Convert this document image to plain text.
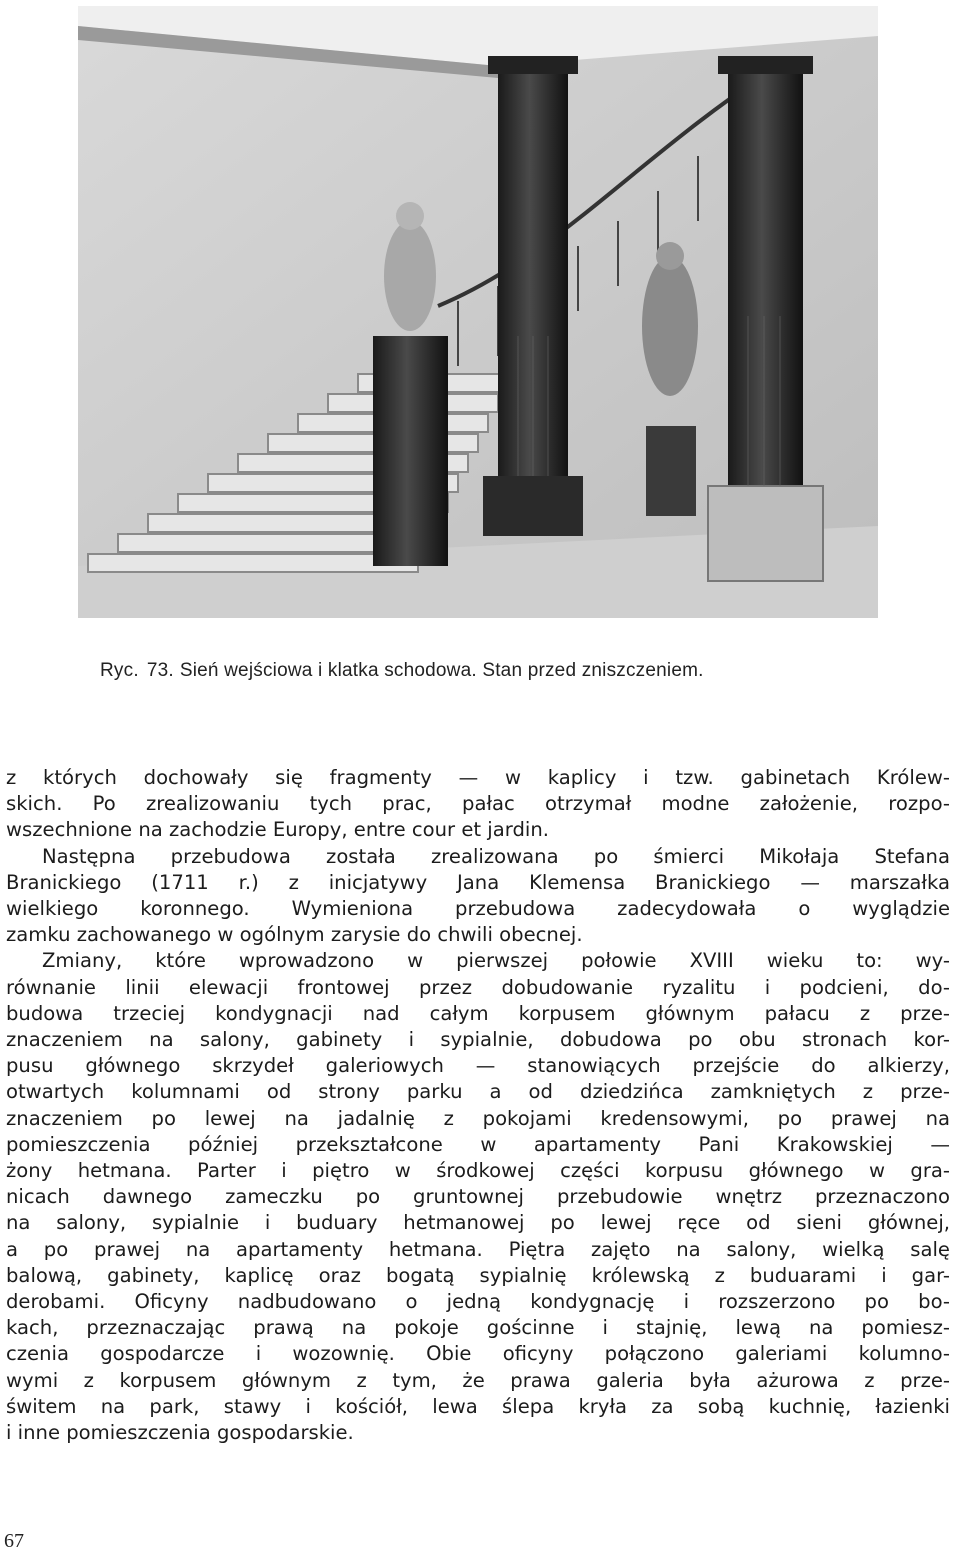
Ryc. 73. Sień wejściowa i klatka schodowa. Stan przed zniszczeniem.
z których dochowały się fragmenty — w kaplicy i tzw. gabinetach Królew-
skich. Po zrealizowaniu tych prac, pałac otrzymał modne założenie, rozpo-
wszechnione na zachodzie Europy, entre cour et jardin.
Następna przebudowa została zrealizowana po śmierci Mikołaja Stefana
Branickiego (1711 r.) z inicjatywy Jana Klemensa Branickiego — marszałka
wielkiego koronnego. Wymieniona przebudowa zadecydowała o wyglądzie
zamku zachowanego w ogólnym zarysie do chwili obecnej.
Zmiany, które wprowadzono w pierwszej połowie XVIII wieku to: wy-
równanie linii elewacji frontowej przez dobudowanie ryzalitu i podcieni, do-
budowa trzeciej kondygnacji nad całym korpusem głównym pałacu z prze-
znaczeniem na salony, gabinety i sypialnie, dobudowa po obu stronach kor-
pusu głównego skrzydeł galeriowych — stanowiących przejście do alkierzy,
otwartych kolumnami od strony parku a od dziedzińca zamkniętych z prze-
znaczeniem po lewej na jadalnię z pokojami kredensowymi, po prawej na
pomieszczenia później przekształcone w apartamenty Pani Krakowskiej —
żony hetmana. Parter i piętro w środkowej części korpusu głównego w gra-
nicach dawnego zameczku po gruntownej przebudowie wnętrz przeznaczono
na salony, sypialnie i buduary hetmanowej po lewej ręce od sieni głównej,
a po prawej na apartamenty hetmana. Piętra zajęto na salony, wielką salę
balową, gabinety, kaplicę oraz bogatą sypialnię królewską z buduarami i gar-
derobami. Oficyny nadbudowano o jedną kondygnację i rozszerzono po bo-
kach, przeznaczając prawą na pokoje gościnne i stajnię, lewą na pomiesz-
czenia gospodarcze i wozownię. Obie oficyny połączono galeriami kolumno-
wymi z korpusem głównym z tym, że prawa galeria była ażurowa z prze-
świtem na park, stawy i kościół, lewa ślepa kryła za sobą kuchnię, łazienki
i inne pomieszczenia gospodarskie.
67
